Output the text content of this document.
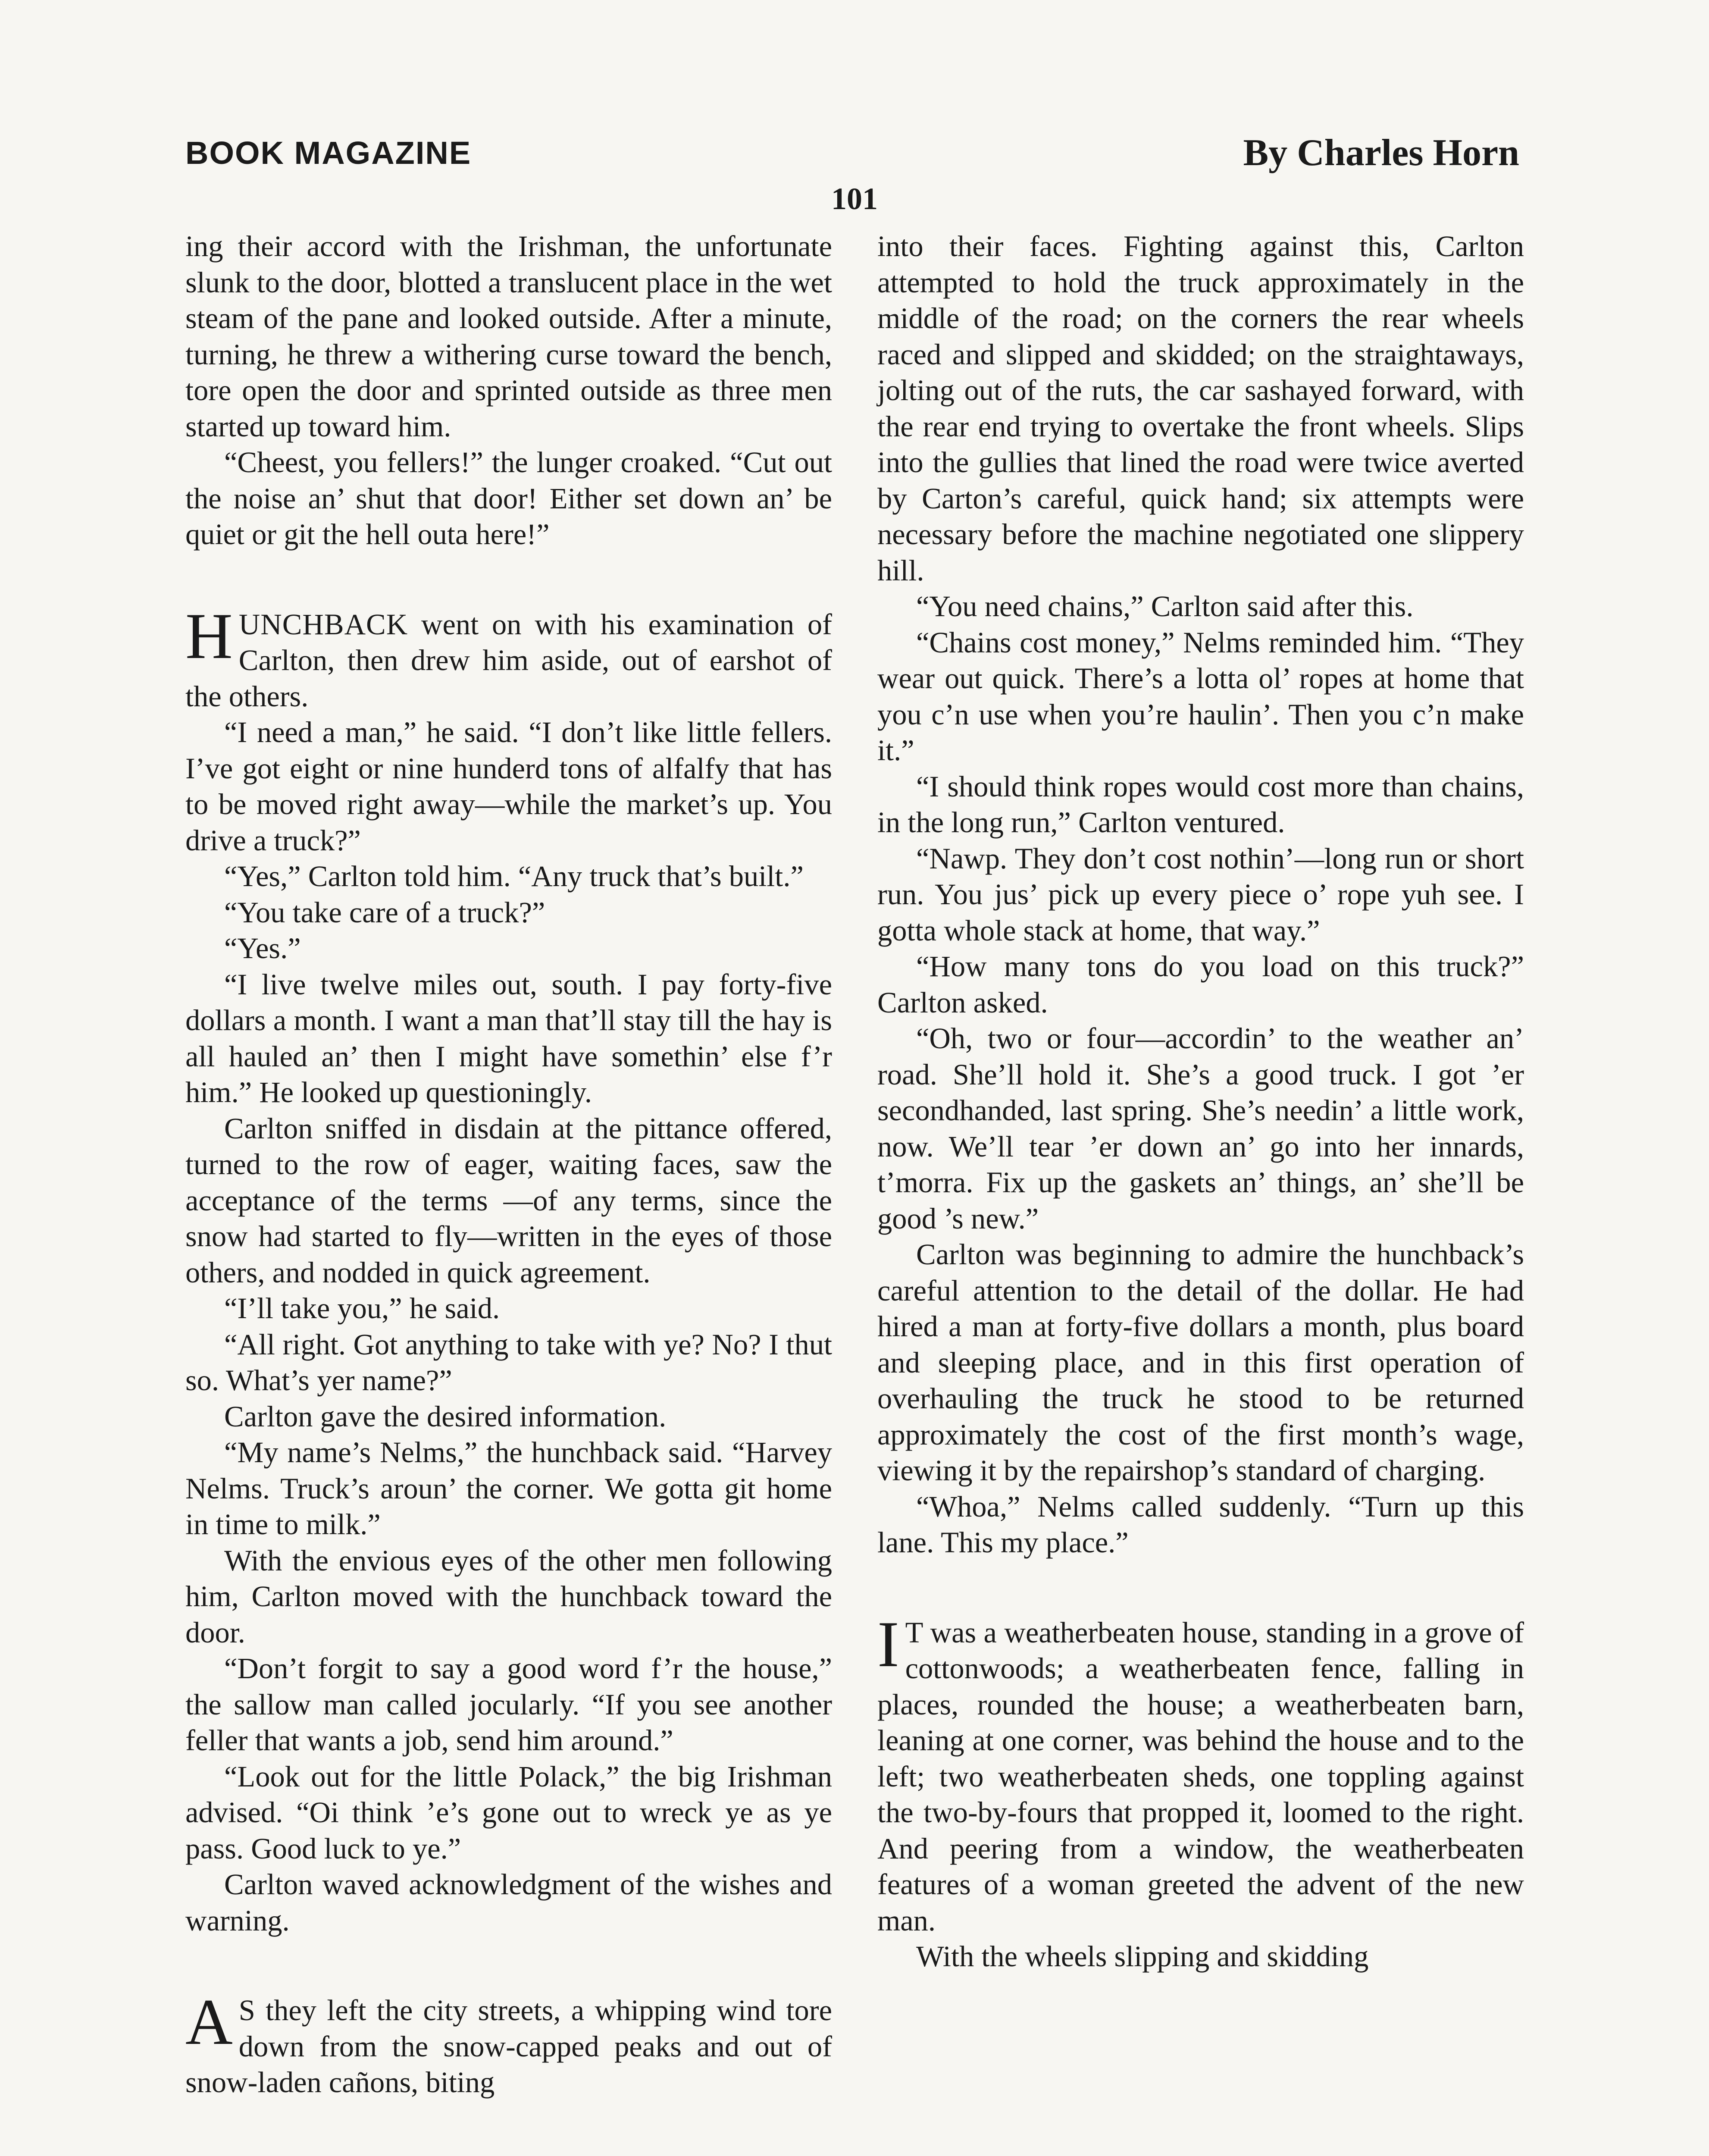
BOOK MAGAZINE	By Charles Horn
101

ing their accord with the Irishman, the unfortunate slunk to the door, blotted a translucent place in the wet steam of the pane and looked outside. After a minute, turning, he threw a withering curse toward the bench, tore open the door and sprinted outside as three men started up toward him.

“Cheest, you fellers!” the lunger croaked. “Cut out the noise an’ shut that door! Either set down an’ be quiet or git the hell outa here!”

HUNCHBACK went on with his examination of Carlton, then drew him aside, out of earshot of the others.

“I need a man,” he said. “I don’t like little fellers. I’ve got eight or nine hunderd tons of alfalfy that has to be moved right away—while the market’s up. You drive a truck?”

“Yes,” Carlton told him. “Any truck that’s built.”

“You take care of a truck?”

“Yes.”

“I live twelve miles out, south. I pay forty-five dollars a month. I want a man that’ll stay till the hay is all hauled an’ then I might have somethin’ else f’r him.” He looked up questioningly.

Carlton sniffed in disdain at the pittance offered, turned to the row of eager, waiting faces, saw the acceptance of the terms —of any terms, since the snow had started to fly—written in the eyes of those others, and nodded in quick agreement.

“I’ll take you,” he said.

“All right. Got anything to take with ye? No? I thut so. What’s yer name?”

Carlton gave the desired information.

“My name’s Nelms,” the hunchback said. “Harvey Nelms. Truck’s aroun’ the corner. We gotta git home in time to milk.”

With the envious eyes of the other men following him, Carlton moved with the hunchback toward the door.

“Don’t forgit to say a good word f’r the house,” the sallow man called jocularly. “If you see another feller that wants a job, send him around.”

“Look out for the little Polack,” the big Irishman advised. “Oi think ’e’s gone out to wreck ye as ye pass. Good luck to ye.”

Carlton waved acknowledgment of the wishes and warning.

A S they left the city streets, a whipping wind tore down from the snow-capped peaks and out of snow-laden cañons, biting

into their faces. Fighting against this, Carlton attempted to hold the truck approximately in the middle of the road; on the corners the rear wheels raced and slipped and skidded; on the straightaways, jolting out of the ruts, the car sashayed forward, with the rear end trying to overtake the front wheels. Slips into the gullies that lined the road were twice averted by Carton’s careful, quick hand; six attempts were necessary before the machine negotiated one slippery hill.

“You need chains,” Carlton said after this.

“Chains cost money,” Nelms reminded him. “They wear out quick. There’s a lotta ol’ ropes at home that you c’n use when you’re haulin’. Then you c’n make it.”

“I should think ropes would cost more than chains, in the long run,” Carlton ventured.

“Nawp. They don’t cost nothin’—long run or short run. You jus’ pick up every piece o’ rope yuh see. I gotta whole stack at home, that way.”

“How many tons do you load on this truck?” Carlton asked.

“Oh, two or four—accordin’ to the weather an’ road. She’ll hold it. She’s a good truck. I got ’er secondhanded, last spring. She’s needin’ a little work, now. We’ll tear ’er down an’ go into her innards, t’morra. Fix up the gaskets an’ things, an’ she’ll be good ’s new.”

Carlton was beginning to admire the hunchback’s careful attention to the detail of the dollar. He had hired a man at forty-five dollars a month, plus board and sleeping place, and in this first operation of overhauling the truck he stood to be returned approximately the cost of the first month’s wage, viewing it by the repairshop’s standard of charging.

“Whoa,” Nelms called suddenly. “Turn up this lane. This my place.”

I T was a weatherbeaten house, standing in a grove of cottonwoods; a weatherbeaten fence, falling in places, rounded the house; a weatherbeaten barn, leaning at one corner, was behind the house and to the left; two weatherbeaten sheds, one toppling against the two-by-fours that propped it, loomed to the right. And peering from a window, the weatherbeaten features of a woman greeted the advent of the new man.

With the wheels slipping and skidding
